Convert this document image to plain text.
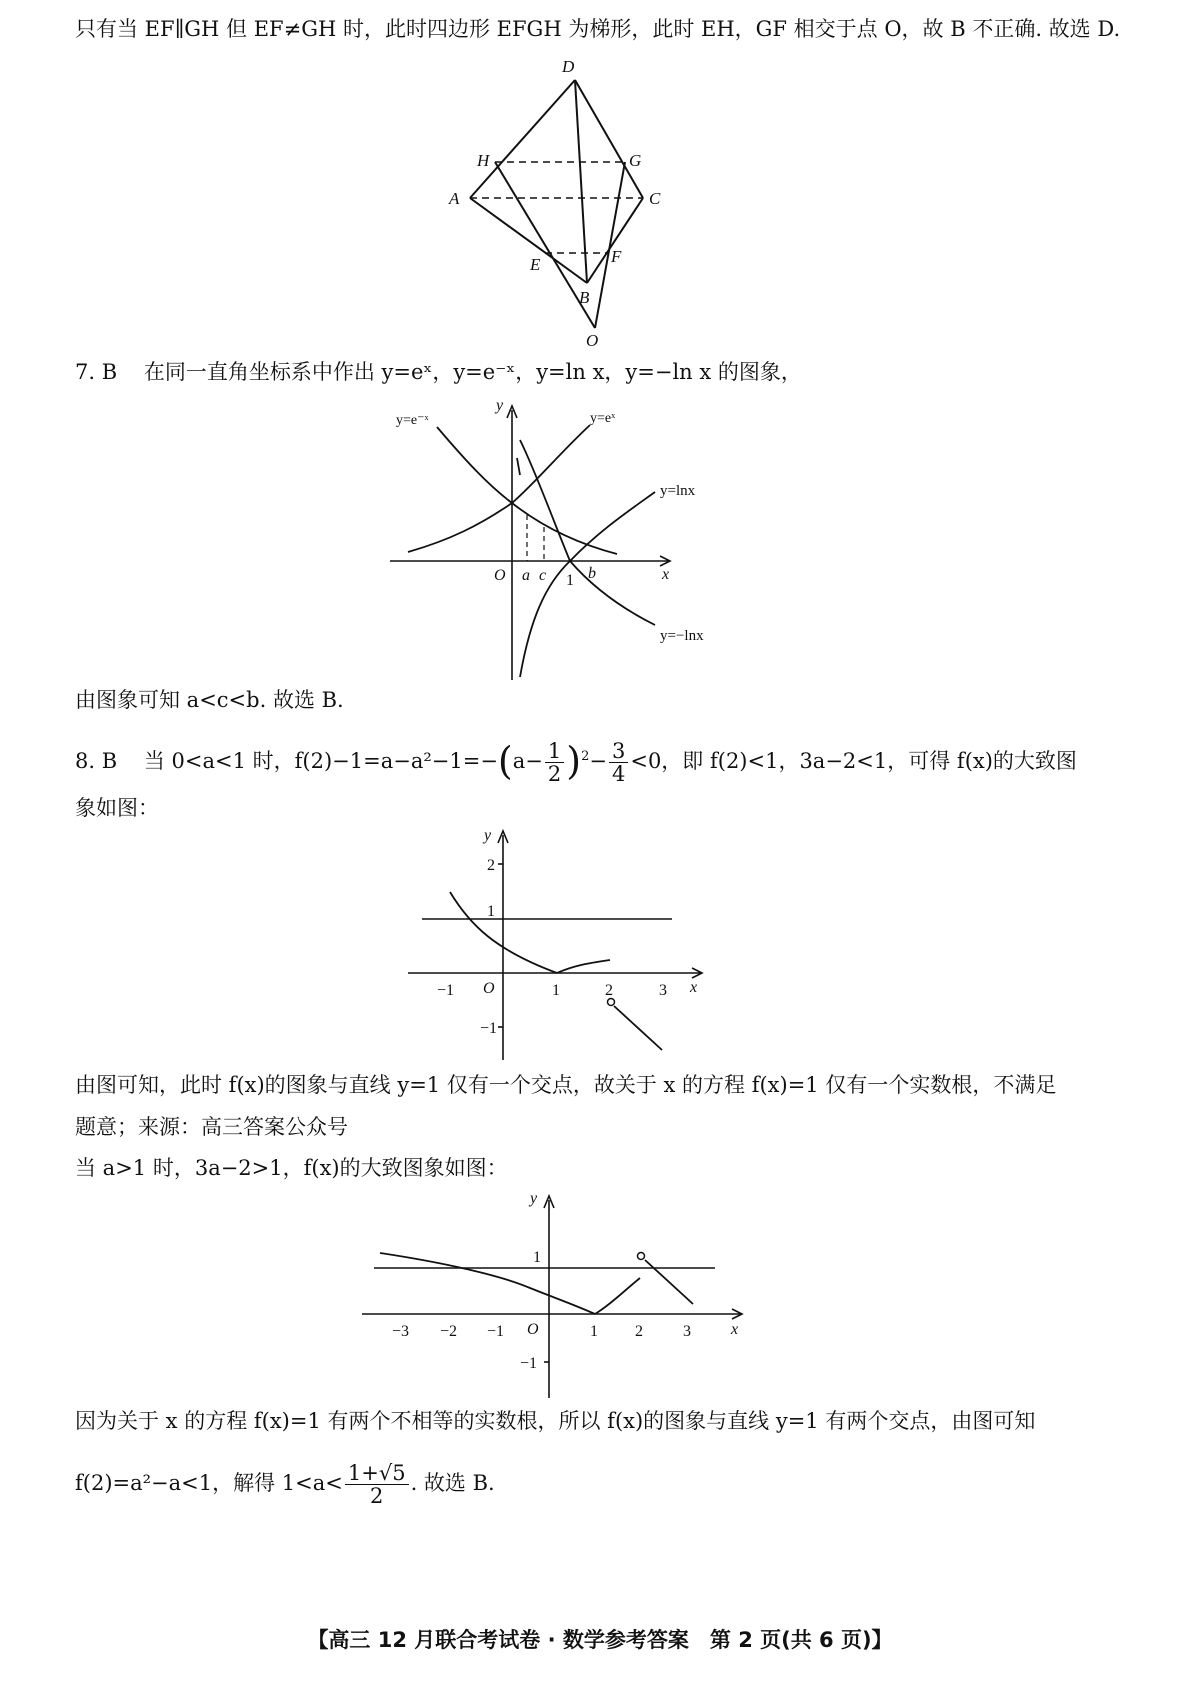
只有当 EF∥GH 但 EF≠GH 时，此时四边形 EFGH 为梯形，此时 EH，GF 相交于点 O，故 B 不正确. 故选 D.
D
H	G
A	C
E	F
B
O
7. B 在同一直角坐标系中作出 y=eˣ，y=e⁻ˣ，y=ln x，y=−ln x 的图象，
y
x
O a c 1 b
y=e⁻ˣ	y=eˣ
y=lnx
y=−lnx
由图象可知 a<c<b. 故选 B.
8. B 当 0<a<1 时，$f(2)-1=a-a^2-1=-(a- \frac{1}{2} )^2- \frac{3}{4} <0$，即 f(2)<1，3a−2<1，可得 f(x)的大致图
象如图：
y
x
−1 O	1	2	3
2
1
−1
由图可知，此时 f(x)的图象与直线 y=1 仅有一个交点，故关于 x 的方程 f(x)=1 仅有一个实数根，不满足
题意；来源：高三答案公众号
当 a>1 时，3a−2>1，f(x)的大致图象如图：
y
x
−3 −2 −1 O	1 2	3
1
−1
因为关于 x 的方程 f(x)=1 有两个不相等的实数根，所以 f(x)的图象与直线 y=1 有两个交点，由图可知
f(2)=a²−a<1，解得 $1<a< \frac{1+√5}{2}$ . 故选 B.
【高三 12 月联合考试卷 · 数学参考答案　第 2 页(共 6 页)】
